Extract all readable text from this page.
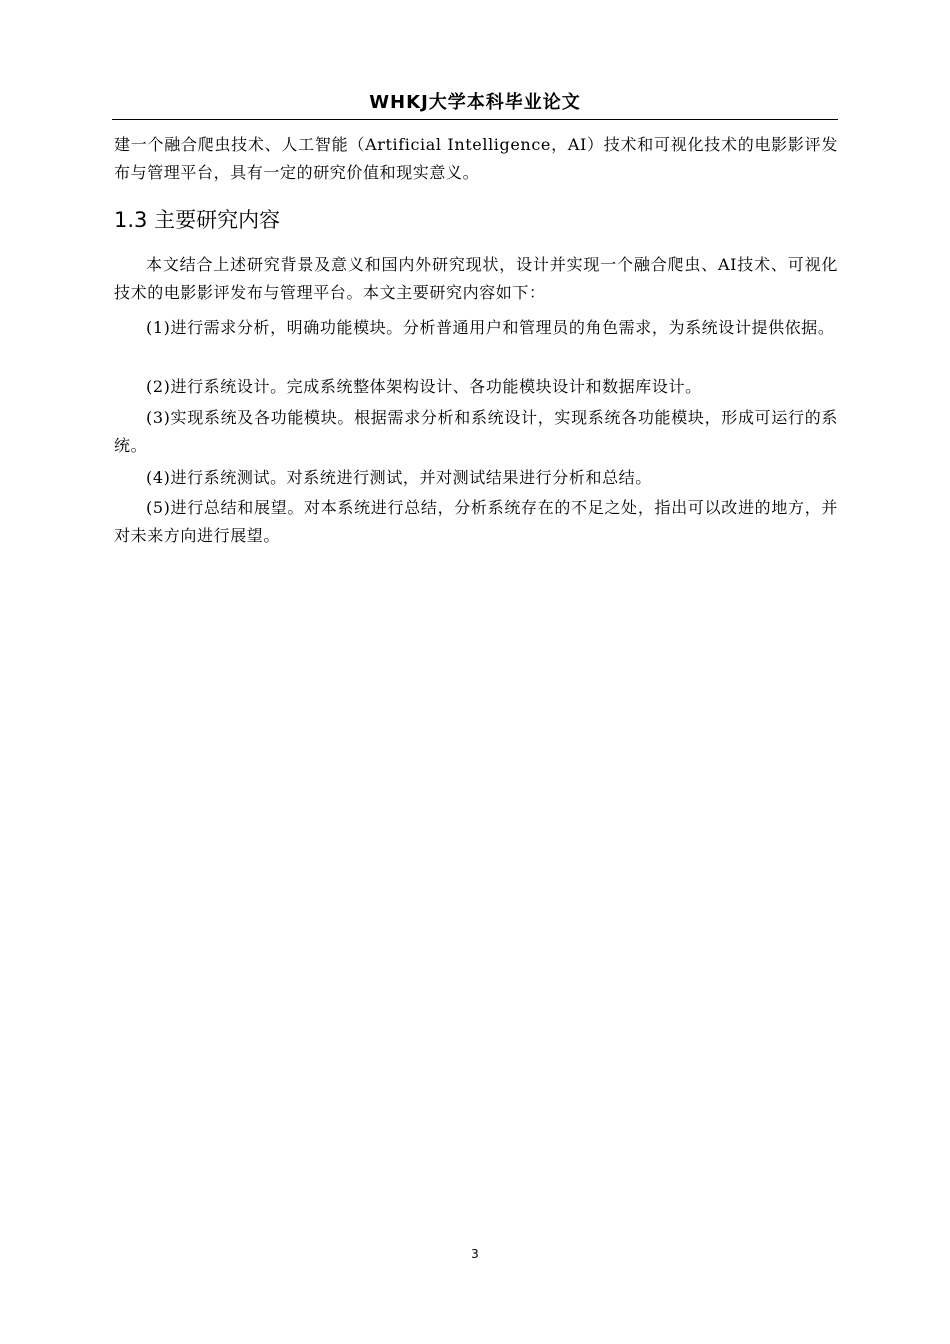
WHKJ大学本科毕业论文
建一个融合爬虫技术、人工智能（Artificial Intelligence，AI）技术和可视化技术的电影影评发布与管理平台，具有一定的研究价值和现实意义。
1.3 主要研究内容
本文结合上述研究背景及意义和国内外研究现状，设计并实现一个融合爬虫、AI技术、可视化技术的电影影评发布与管理平台。本文主要研究内容如下：
(1)进行需求分析，明确功能模块。分析普通用户和管理员的角色需求，为系统设计提供依据。
(2)进行系统设计。完成系统整体架构设计、各功能模块设计和数据库设计。
(3)实现系统及各功能模块。根据需求分析和系统设计，实现系统各功能模块，形成可运行的系统。
(4)进行系统测试。对系统进行测试，并对测试结果进行分析和总结。
(5)进行总结和展望。对本系统进行总结，分析系统存在的不足之处，指出可以改进的地方，并对未来方向进行展望。
3
